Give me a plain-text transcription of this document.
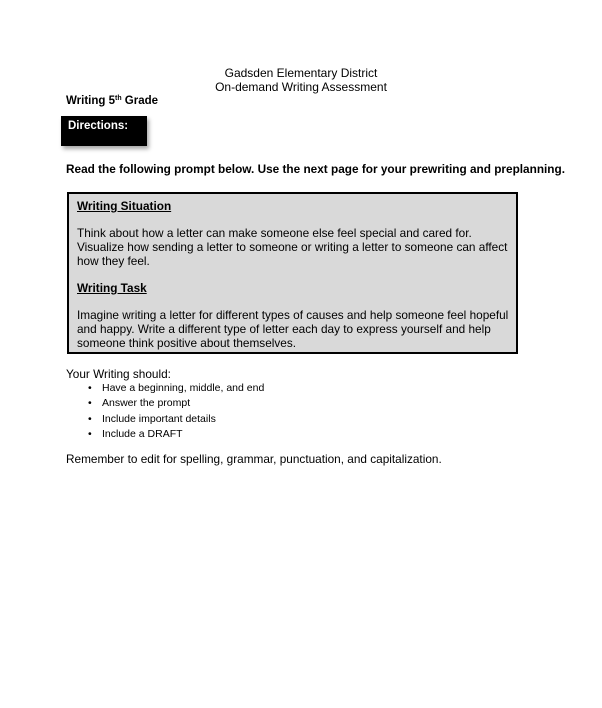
Gadsden Elementary District
On-demand Writing Assessment
Writing 5th Grade
Directions:
Read the following prompt below. Use the next page for your prewriting and preplanning.
Writing Situation

Think about how a letter can make someone else feel special and cared for. Visualize how sending a letter to someone or writing a letter to someone can affect how they feel.

Writing Task

Imagine writing a letter for different types of causes and help someone feel hopeful and happy. Write a different type of letter each day to express yourself and help someone think positive about themselves.

Your Writing should:
• Have a beginning, middle, and end
• Answer the prompt
• Include important details
• Include a DRAFT
Remember to edit for spelling, grammar, punctuation, and capitalization.
